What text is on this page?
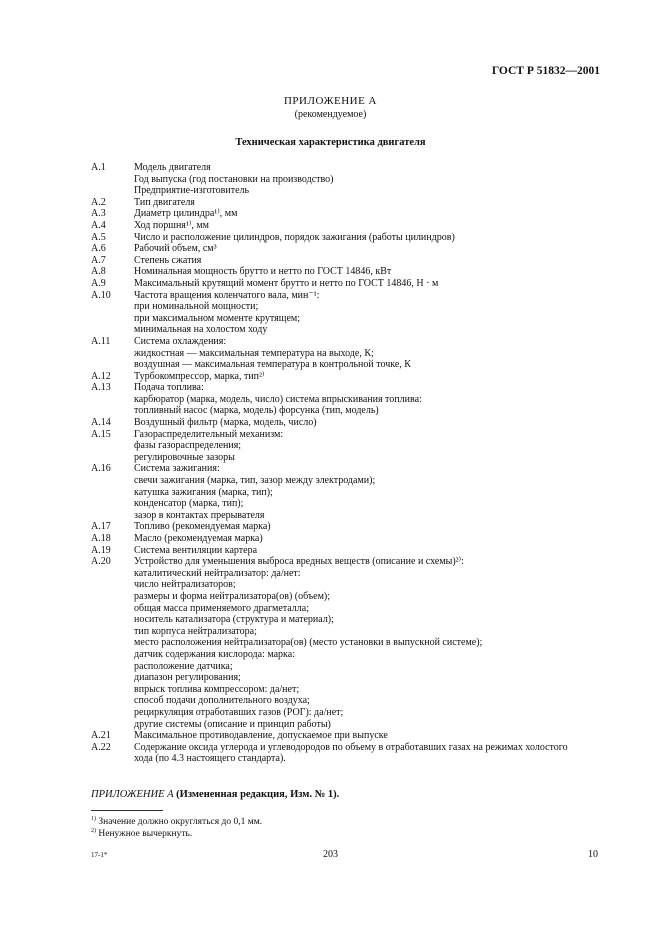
ГОСТ Р 51832—2001
ПРИЛОЖЕНИЕ А
(рекомендуемое)
Техническая характеристика двигателя
А.1	Модель двигателя
Год выпуска (год постановки на производство)
Предприятие-изготовитель
А.2	Тип двигателя
А.3	Диаметр цилиндра¹⁾, мм
А.4	Ход поршня¹⁾, мм
А.5	Число и расположение цилиндров, порядок зажигания (работы цилиндров)
А.6	Рабочий объем, см³
А.7	Степень сжатия
А.8	Номинальная мощность брутто и нетто по ГОСТ 14846, кВт
А.9	Максимальный крутящий момент брутто и нетто по ГОСТ 14846, Н · м
А.10	Частота вращения коленчатого вала, мин⁻¹:
при номинальной мощности;
при максимальном моменте крутящем;
минимальная на холостом ходу
А.11	Система охлаждения:
жидкостная — максимальная температура на выходе, К;
воздушная — максимальная температура в контрольной точке, К
А.12	Турбокомпрессор, марка, тип²⁾
А.13	Подача топлива:
карбюратор (марка, модель, число) система впрыскивания топлива:
топливный насос (марка, модель) форсунка (тип, модель)
А.14	Воздушный фильтр (марка, модель, число)
А.15	Газораспределительный механизм:
фазы газораспределения;
регулировочные зазоры
А.16	Система зажигания:
свечи зажигания (марка, тип, зазор между электродами);
катушка зажигания (марка, тип);
конденсатор (марка, тип);
зазор в контактах прерывателя
А.17	Топливо (рекомендуемая марка)
А.18	Масло (рекомендуемая марка)
А.19	Система вентиляции картера
А.20	Устройство для уменьшения выброса вредных веществ (описание и схемы)²⁾:
каталитический нейтрализатор: да/нет:
число нейтрализаторов;
размеры и форма нейтрализатора(ов) (объем);
общая масса применяемого драгметалла;
носитель катализатора (структура и материал);
тип корпуса нейтрализатора;
место расположения нейтрализатора(ов) (место установки в выпускной системе);
датчик содержания кислорода: марка:
расположение датчика;
диапазон регулирования;
впрыск топлива компрессором: да/нет;
способ подачи дополнительного воздуха;
рециркуляция отработавших газов (РОГ): да/нет;
другие системы (описание и принцип работы)
А.21	Максимальное противодавление, допускаемое при выпуске
А.22	Содержание оксида углерода и углеводородов по объему в отработавших газах на режимах холостого
хода (по 4.3 настоящего стандарта).
ПРИЛОЖЕНИЕ А (Измененная редакция, Изм. № 1).
$^{1)}$ Значение должно округляться до 0,1 мм.
$^{2)}$ Ненужное вычеркнуть.
17-1*	203	10
